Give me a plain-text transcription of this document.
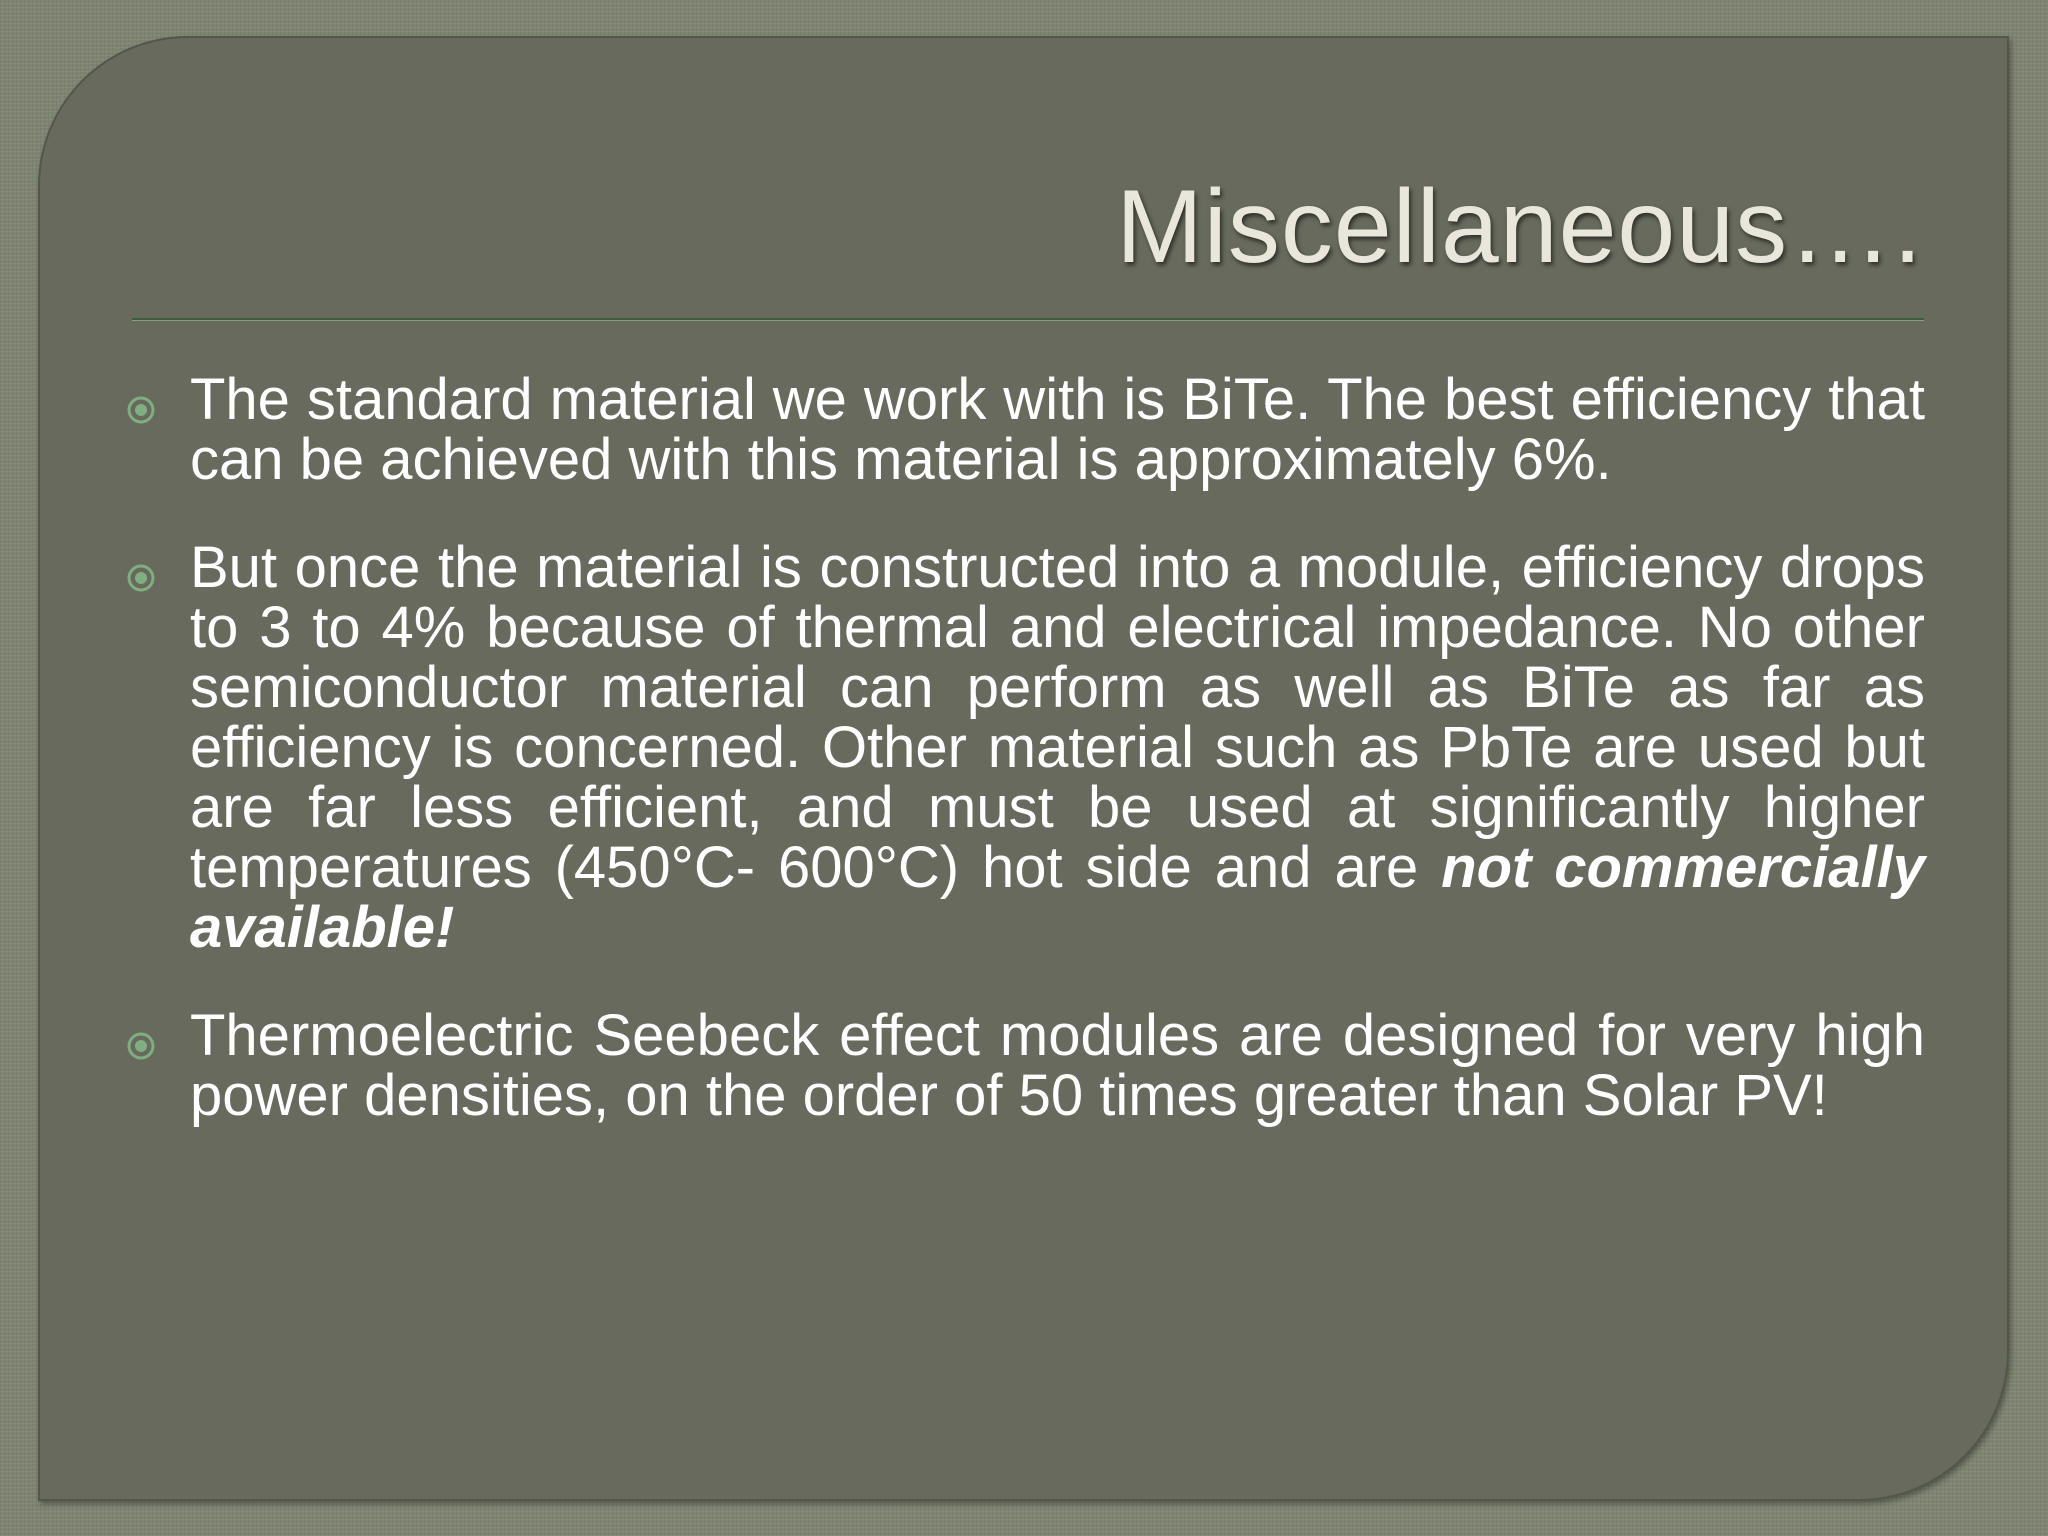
Miscellaneous….

The standard material we work with is BiTe. The best efficiency that can be achieved with this material is approximately 6%.

But once the material is constructed into a module, efficiency drops to 3 to 4% because of thermal and electrical impedance. No other semiconductor material can perform as well as BiTe as far as efficiency is concerned. Other material such as PbTe are used but are far less efficient, and must be used at significantly higher temperatures (450°C- 600°C) hot side and are not commercially available!

Thermoelectric Seebeck effect modules are designed for very high power densities, on the order of 50 times greater than Solar PV!
